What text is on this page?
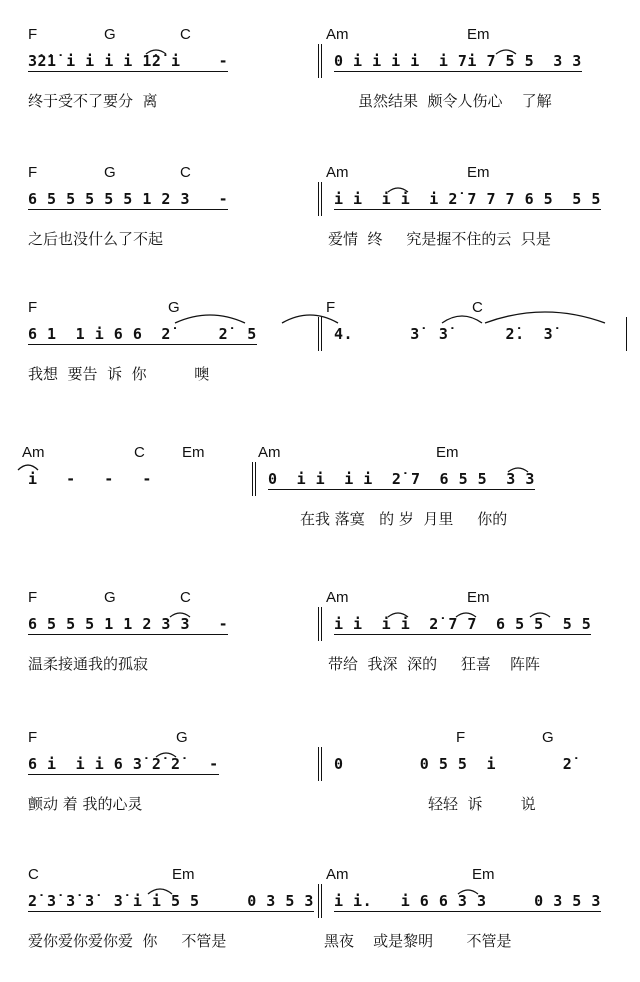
F	G	C	Am	Em
3̇2̇1̇ i i i i 1̇2̇ i    -	0 i i i i  i 7i 7 5 5  3 3
终于受不了要分  离	虽然结果  颇令人伤心    了解
F	G	C	Am	Em
6 5 5 5 5 5 1 2 3   -	i i  i i  i 2̇ 7 7 7 6 5  5 5
之后也没什么了不起	爱情  终     究是握不住的云  只是
F	G	F	C
6 1  1 i 6 6  2̇     2̇  5	4.      3̇  3̇      2̇.  3̇
我想  要告  诉  你          噢
Am	C Em	Am	Em
i   -   -   -	0  i i  i i  2̇ 7  6 5 5  3 3
在我 落寞   的 岁  月里     你的
F	G	C	Am	Em
6 5 5 5 1 1 2 3 3   -	i i  i i  2̇ 7 7  6 5 5  5 5
温柔接通我的孤寂	带给  我深  深的     狂喜    阵阵
F	G	F	G
6 i  i i 6 3̇ 2̇ 2̇   -	0        0 5 5  i       2̇
颤动 着 我的心灵	轻轻  诉        说
C	Em	Am	Em
2̇ 3̇ 3̇ 3̇  3̇ i i 5 5     0 3 5 3 i i.   i 6 6 3 3     0 3 5 3
爱你爱你爱你爱  你     不管是	黑夜    或是黎明       不管是
